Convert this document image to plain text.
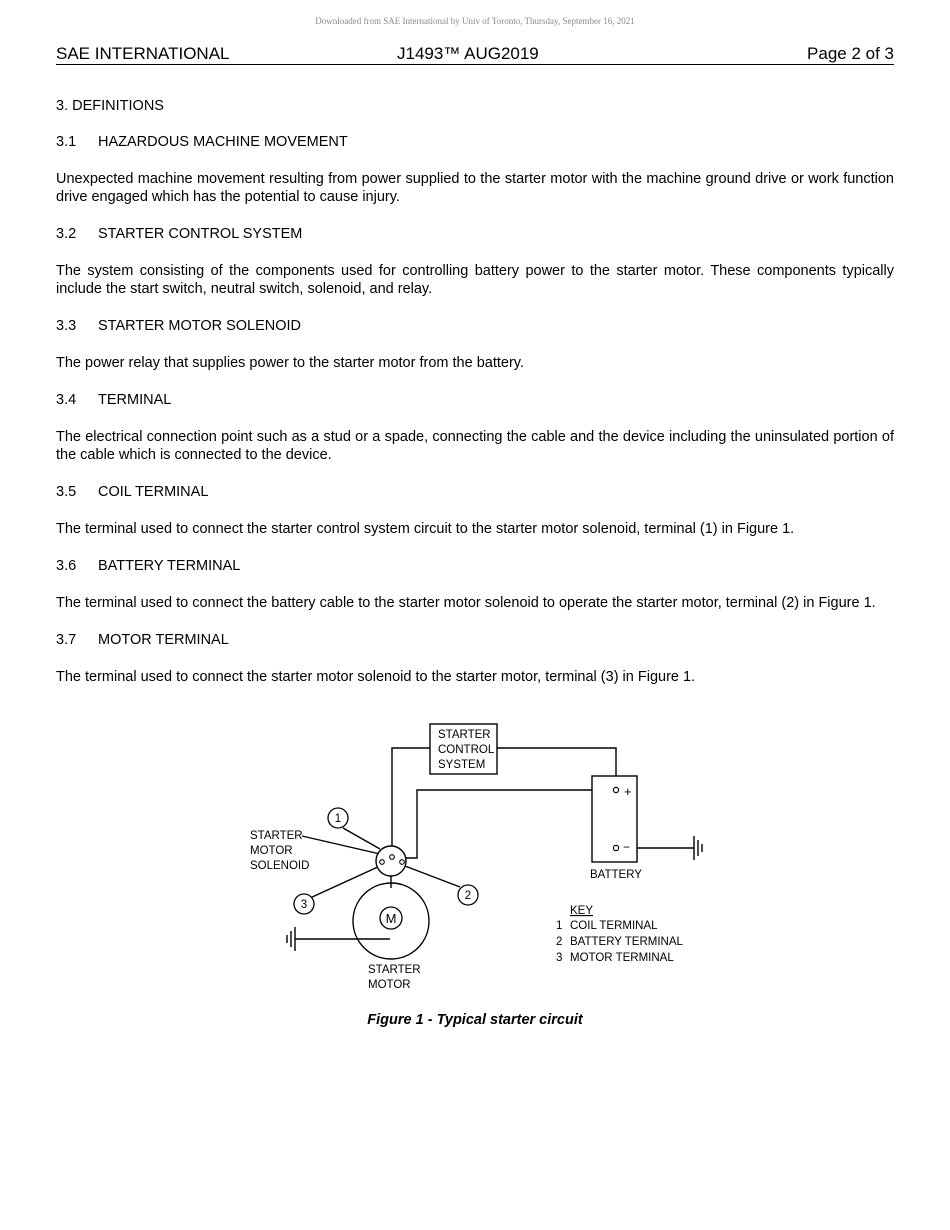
Downloaded from SAE International by Univ of Toronto, Thursday, September 16, 2021
SAE INTERNATIONAL	J1493™ AUG2019	Page 2 of 3
3. DEFINITIONS
3.1 HAZARDOUS MACHINE MOVEMENT
Unexpected machine movement resulting from power supplied to the starter motor with the machine ground drive or work function drive engaged which has the potential to cause injury.
3.2 STARTER CONTROL SYSTEM
The system consisting of the components used for controlling battery power to the starter motor. These components typically include the start switch, neutral switch, solenoid, and relay.
3.3 STARTER MOTOR SOLENOID
The power relay that supplies power to the starter motor from the battery.
3.4 TERMINAL
The electrical connection point such as a stud or a spade, connecting the cable and the device including the uninsulated portion of the cable which is connected to the device.
3.5 COIL TERMINAL
The terminal used to connect the starter control system circuit to the starter motor solenoid, terminal (1) in Figure 1.
3.6 BATTERY TERMINAL
The terminal used to connect the battery cable to the starter motor solenoid to operate the starter motor, terminal (2) in Figure 1.
3.7 MOTOR TERMINAL
The terminal used to connect the starter motor solenoid to the starter motor, terminal (3) in Figure 1.
STARTER
CONTROL
SYSTEM
+
−
BATTERY
STARTER
MOTOR
SOLENOID
M
STARTER
MOTOR
1
2
3	KEY
1 COIL TERMINAL
2 BATTERY TERMINAL
3 MOTOR TERMINAL
Figure 1 - Typical starter circuit
